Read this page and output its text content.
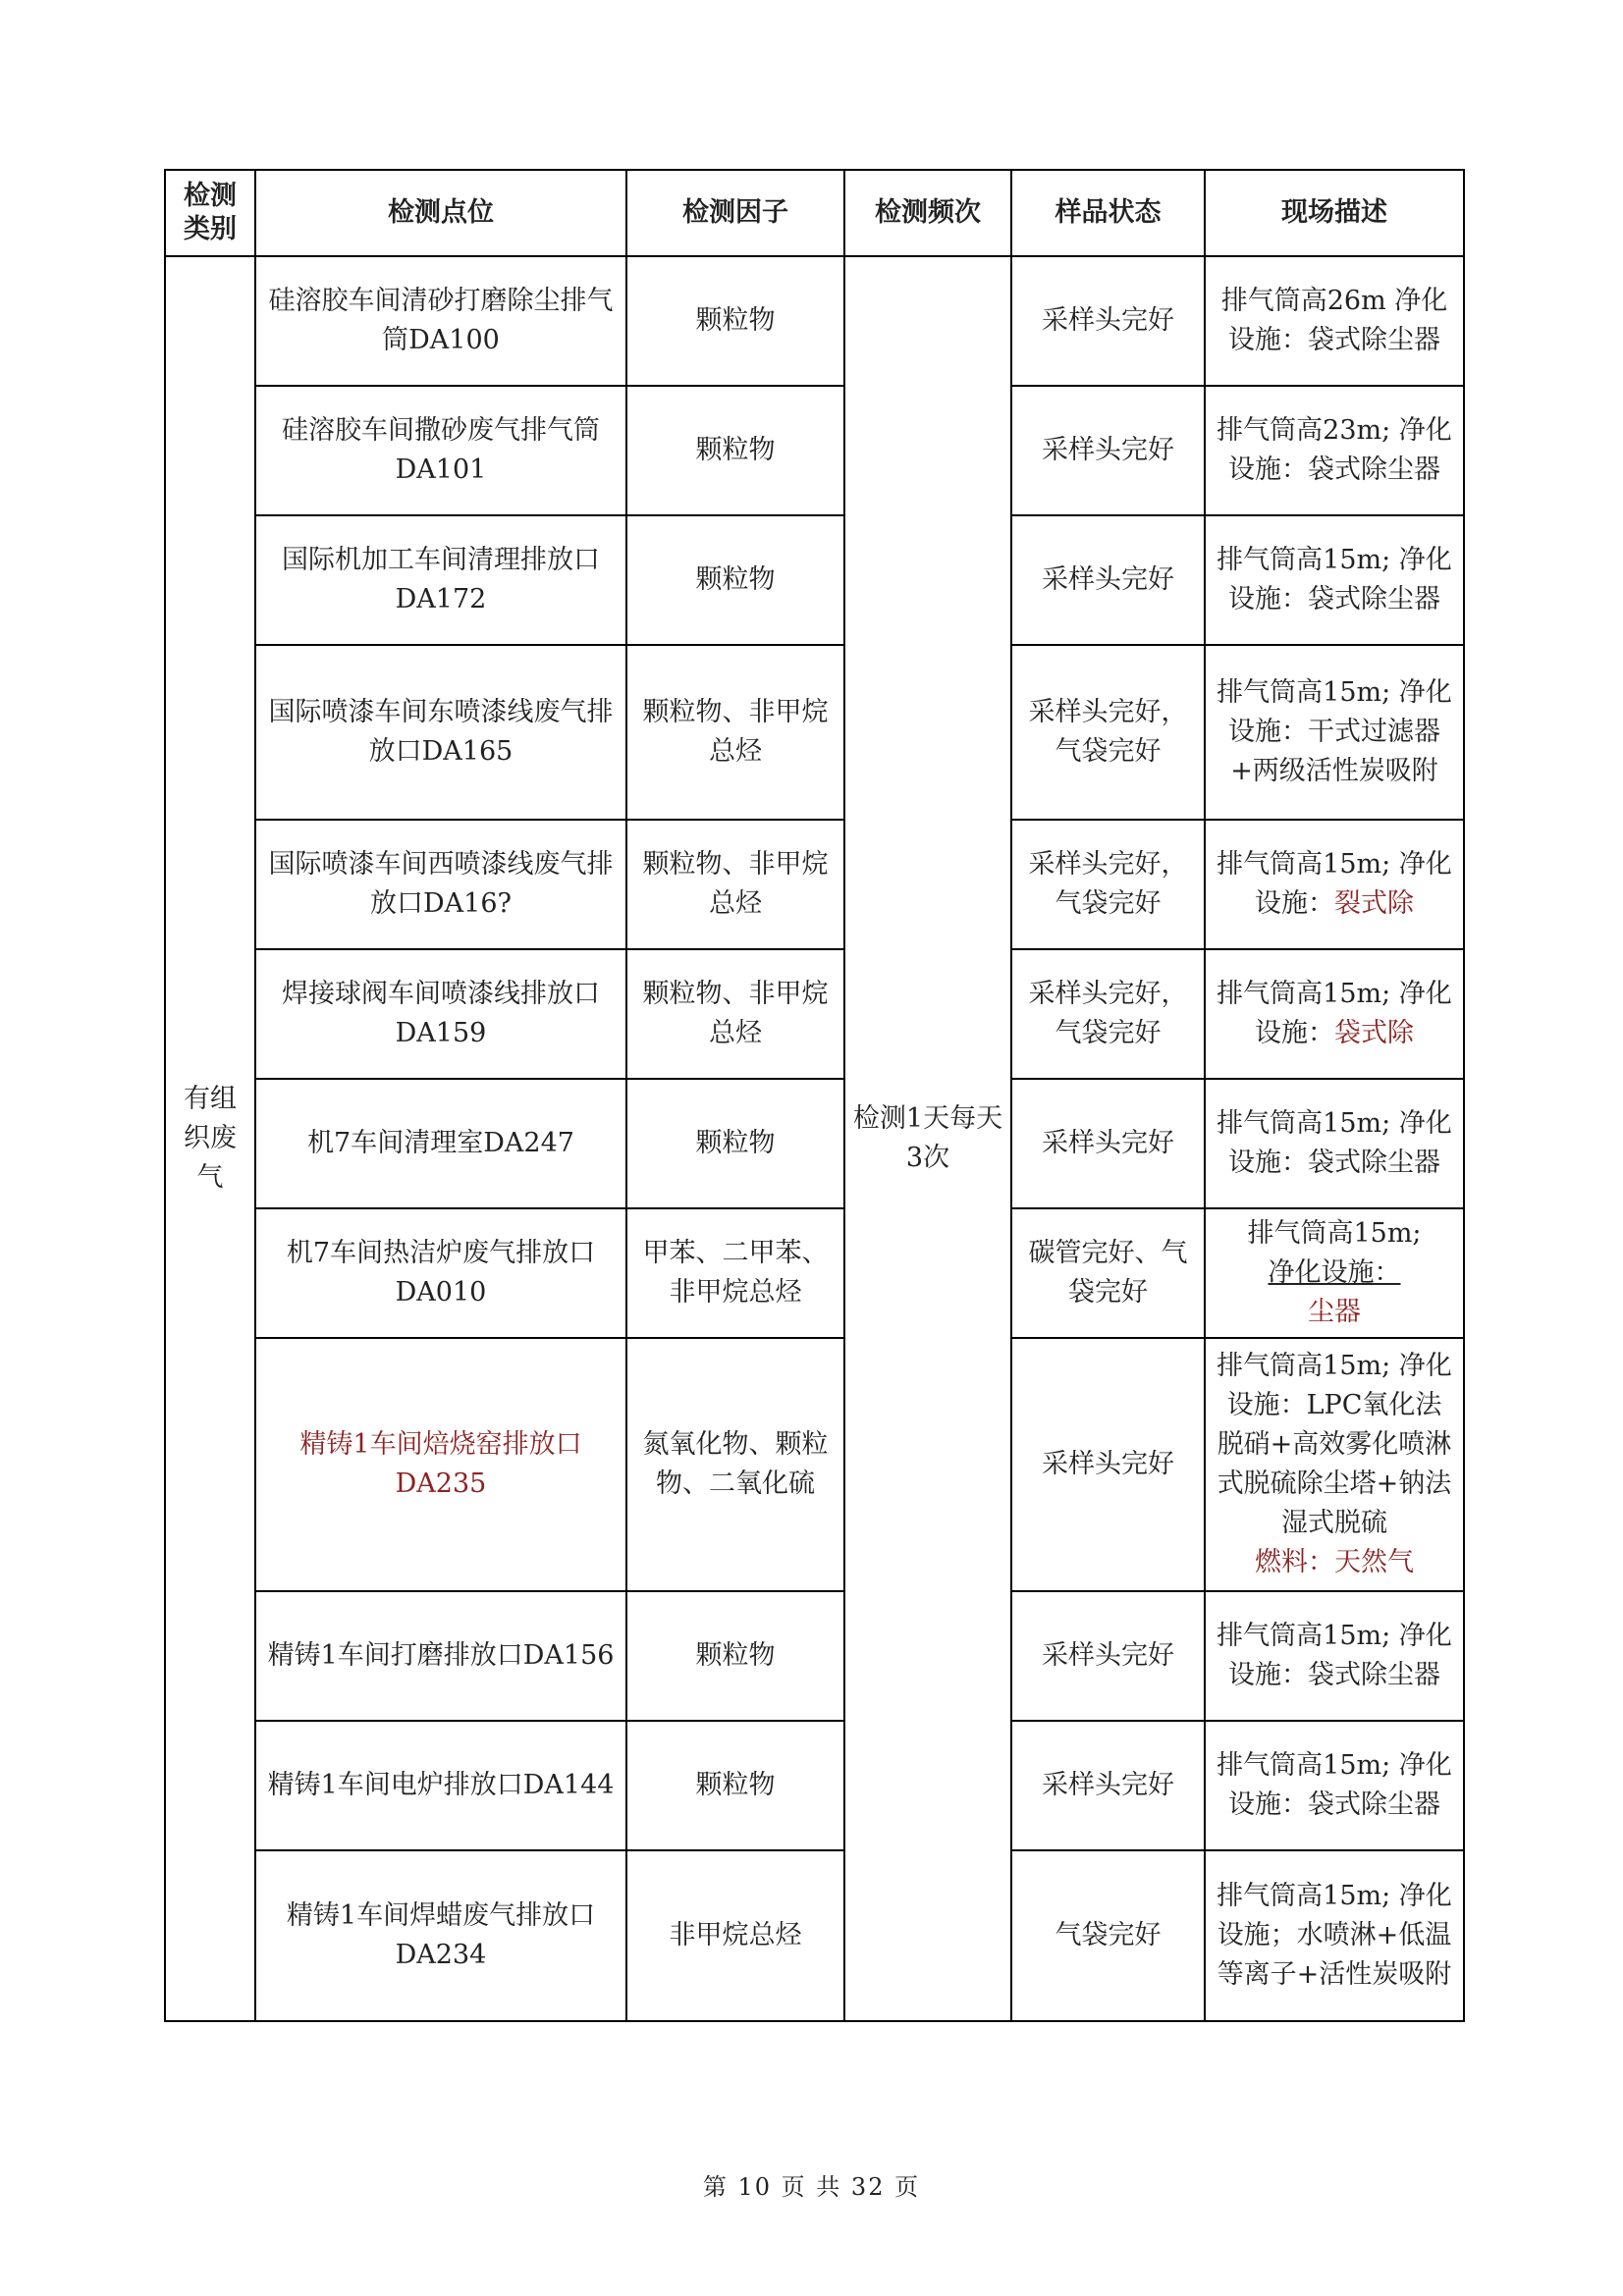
检测类别	检测点位	检测因子	检测频次	样品状态	现场描述
有组织废气	硅溶胶车间清砂打磨除尘排气筒DA100	颗粒物	检测1天每天3次	采样头完好	排气筒高26m 净化设施：袋式除尘器
	硅溶胶车间撒砂废气排气筒DA101	颗粒物		采样头完好	排气筒高23m; 净化设施：袋式除尘器
	国际机加工车间清理排放口DA172	颗粒物		采样头完好	排气筒高15m; 净化设施：袋式除尘器
	国际喷漆车间东喷漆线废气排放口DA165	颗粒物、非甲烷总烃		采样头完好，气袋完好	排气筒高15m; 净化设施：干式过滤器+两级活性炭吸附
	国际喷漆车间西喷漆线废气排放口DA16?	颗粒物、非甲烷总烃		采样头完好，气袋完好	排气筒高15m; 净化设施：裂式除
	焊接球阀车间喷漆线排放口DA159	颗粒物、非甲烷总烃		采样头完好，气袋完好	排气筒高15m; 净化设施：袋式除
	机7车间清理室DA247	颗粒物		采样头完好	排气筒高15m; 净化设施：袋式除尘器
	机7车间热洁炉废气排放口DA010	甲苯、二甲苯、非甲烷总烃		碳管完好、气袋完好	排气筒高15m;
净化设施：
尘器
	精铸1车间焙烧窑排放口DA235	氮氧化物、颗粒物、二氧化硫		采样头完好	排气筒高15m; 净化设施：LPC氧化法脱硝+高效雾化喷淋式脱硫除尘塔+钠法湿式脱硫
燃料：天然气
	精铸1车间打磨排放口DA156	颗粒物		采样头完好	排气筒高15m; 净化设施：袋式除尘器
	精铸1车间电炉排放口DA144	颗粒物		采样头完好	排气筒高15m; 净化设施：袋式除尘器
	精铸1车间焊蜡废气排放口DA234	非甲烷总烃		气袋完好	排气筒高15m; 净化设施；水喷淋+低温等离子+活性炭吸附
第 10 页 共 32 页
